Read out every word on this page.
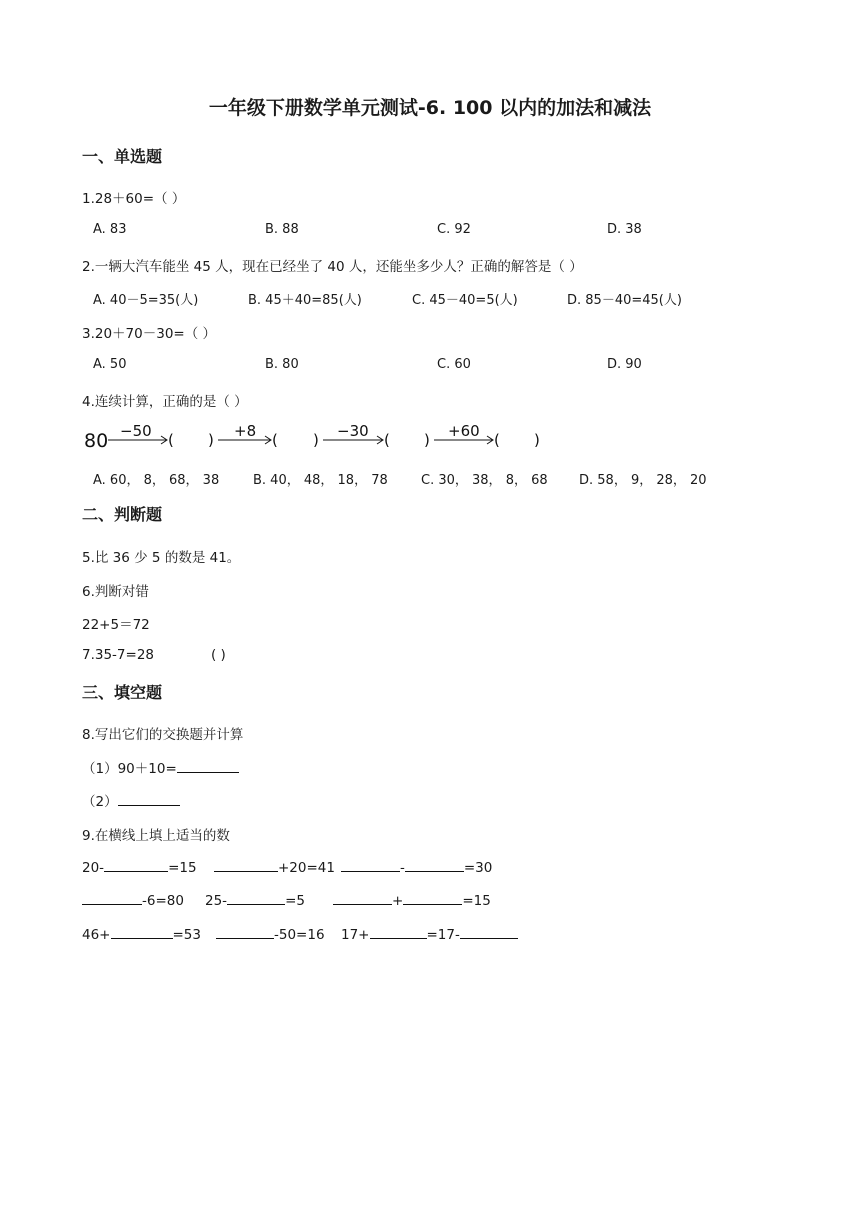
一年级下册数学单元测试-6. 100 以内的加法和减法
一、单选题
1.28＋60=（ ）
A. 83	B. 88	C. 92	D. 38
2.一辆大汽车能坐 45 人，现在已经坐了 40 人，还能坐多少人？正确的解答是（ ）
A. 40－5=35(人)	B. 45＋40=85(人)	C. 45－40=5(人)	D. 85－40=45(人)
3.20＋70－30=（ ）
A. 50	B. 80	C. 60	D. 90
4.连续计算，正确的是（ ）
80 −50 ( ) +8 ( ) −30 ( ) +60 ( )
A. 60， 8， 68， 38	B. 40， 48， 18， 78	C. 30， 38， 8， 68 D. 58， 9， 28， 20
二、判断题
5.比 36 少 5 的数是 41。
6.判断对错
22+5＝72
7.35-7=28	( )
三、填空题
8.写出它们的交换题并计算
（1）90＋10=
（2）
9.在横线上填上适当的数
20-	=15	+20=41	-	=30
-6=80 25-	=5	+	=15
46+	=53	-50=16 17+	=17-
